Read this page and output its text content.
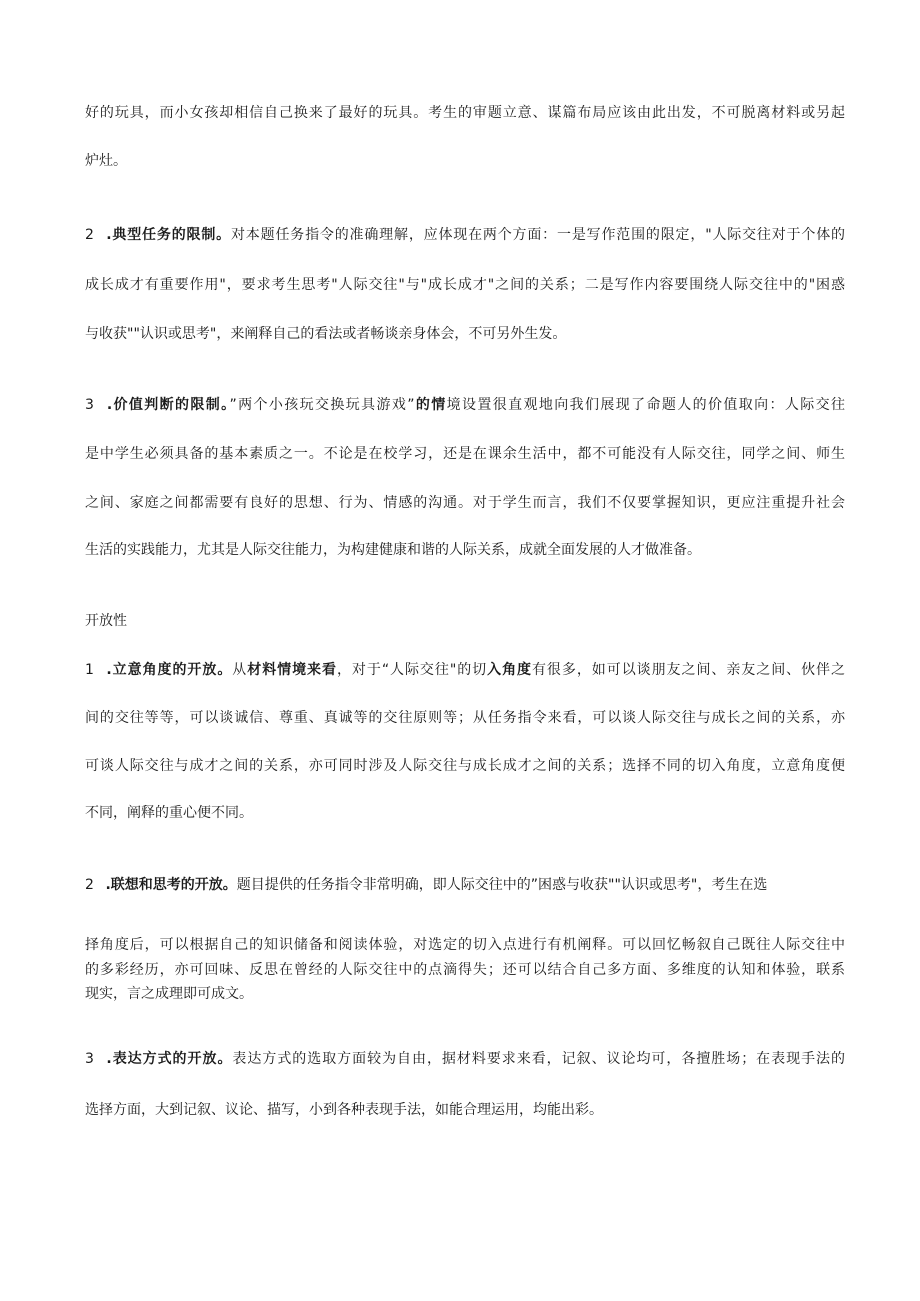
好的玩具，而小女孩却相信自己换来了最好的玩具。考生的审题立意、谋篇布局应该由此出发，不可脱离材料或另起
炉灶。
2 .典型任务的限制。对本题任务指令的准确理解，应体现在两个方面：一是写作范围的限定，"人际交往对于个体的
成长成才有重要作用"，要求考生思考"人际交往"与"成长成才"之间的关系；二是写作内容要围绕人际交往中的"困惑
与收获""认识或思考"，来阐释自己的看法或者畅谈亲身体会，不可另外生发。
3 .价值判断的限制。”两个小孩玩交换玩具游戏”的情境设置很直观地向我们展现了命题人的价值取向：人际交往
是中学生必须具备的基本素质之一。不论是在校学习，还是在课余生活中，都不可能没有人际交往，同学之间、师生
之间、家庭之间都需要有良好的思想、行为、情感的沟通。对于学生而言，我们不仅要掌握知识，更应注重提升社会
生活的实践能力，尤其是人际交往能力，为构建健康和谐的人际关系，成就全面发展的人才做准备。
开放性
1 .立意角度的开放。从材料情境来看，对于“人际交往"的切入角度有很多，如可以谈朋友之间、亲友之间、伙伴之
间的交往等等，可以谈诚信、尊重、真诚等的交往原则等；从任务指令来看，可以谈人际交往与成长之间的关系，亦
可谈人际交往与成才之间的关系，亦可同时涉及人际交往与成长成才之间的关系；选择不同的切入角度，立意角度便
不同，阐释的重心便不同。
2 .联想和思考的开放。题目提供的任务指令非常明确，即人际交往中的”困惑与收获""认识或思考"，考生在选
择角度后，可以根据自己的知识储备和阅读体验，对选定的切入点进行有机阐释。可以回忆畅叙自己既往人际交往中
的多彩经历，亦可回味、反思在曾经的人际交往中的点滴得失；还可以结合自己多方面、多维度的认知和体验，联系
现实，言之成理即可成文。
3 .表达方式的开放。表达方式的选取方面较为自由，据材料要求来看，记叙、议论均可，各擅胜场；在表现手法的
选择方面，大到记叙、议论、描写，小到各种表现手法，如能合理运用，均能出彩。
